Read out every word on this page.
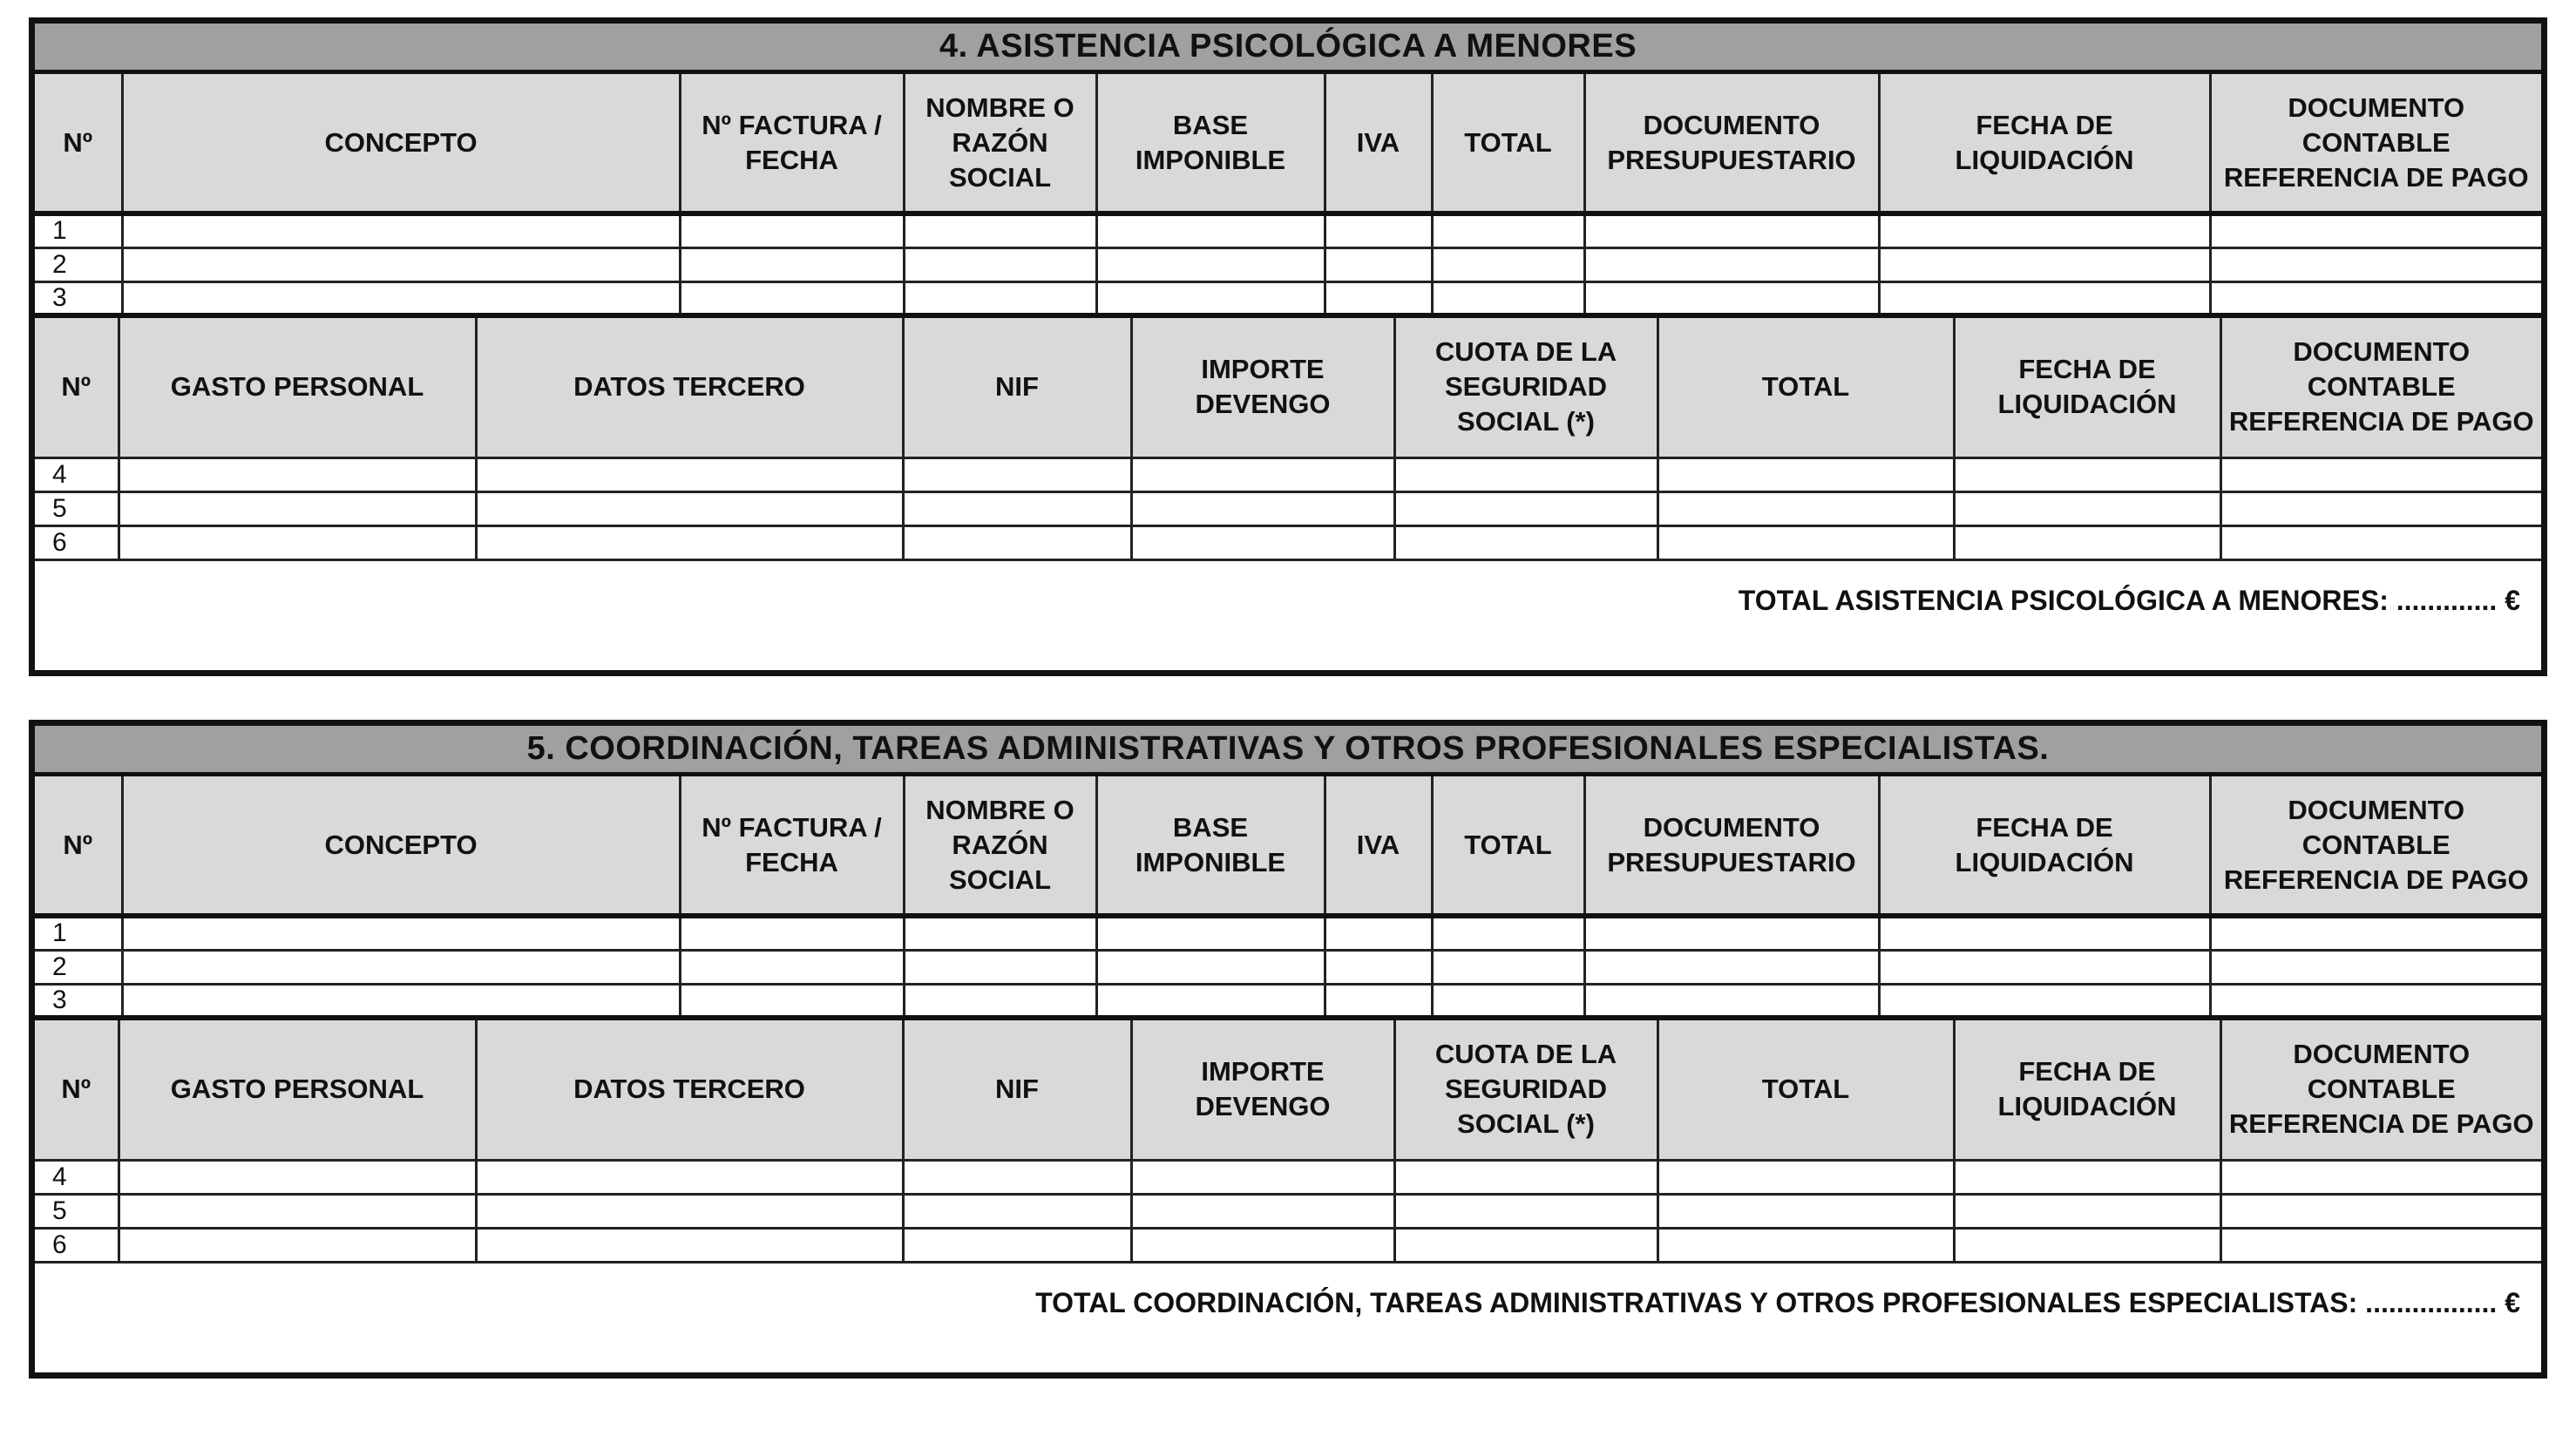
4. ASISTENCIA PSICOLÓGICA A MENORES
Nº	CONCEPTO	Nº FACTURA / FECHA	NOMBRE O RAZÓN SOCIAL	BASE IMPONIBLE	IVA	TOTAL	DOCUMENTO PRESUPUESTARIO	FECHA DE LIQUIDACIÓN	DOCUMENTO CONTABLE REFERENCIA DE PAGO
1									
2									
3									
Nº	GASTO PERSONAL	DATOS TERCERO	NIF	IMPORTE DEVENGO	CUOTA DE LA SEGURIDAD SOCIAL (*)	TOTAL	FECHA DE LIQUIDACIÓN	DOCUMENTO CONTABLE REFERENCIA DE PAGO
4								
5								
6								
TOTAL ASISTENCIA PSICOLÓGICA A MENORES: ............. €
5. COORDINACIÓN, TAREAS ADMINISTRATIVAS Y OTROS PROFESIONALES ESPECIALISTAS.
Nº	CONCEPTO	Nº FACTURA / FECHA	NOMBRE O RAZÓN SOCIAL	BASE IMPONIBLE	IVA	TOTAL	DOCUMENTO PRESUPUESTARIO	FECHA DE LIQUIDACIÓN	DOCUMENTO CONTABLE REFERENCIA DE PAGO
1									
2									
3									
Nº	GASTO PERSONAL	DATOS TERCERO	NIF	IMPORTE DEVENGO	CUOTA DE LA SEGURIDAD SOCIAL (*)	TOTAL	FECHA DE LIQUIDACIÓN	DOCUMENTO CONTABLE REFERENCIA DE PAGO
4								
5								
6								
TOTAL COORDINACIÓN, TAREAS ADMINISTRATIVAS Y OTROS PROFESIONALES ESPECIALISTAS: ................. €
